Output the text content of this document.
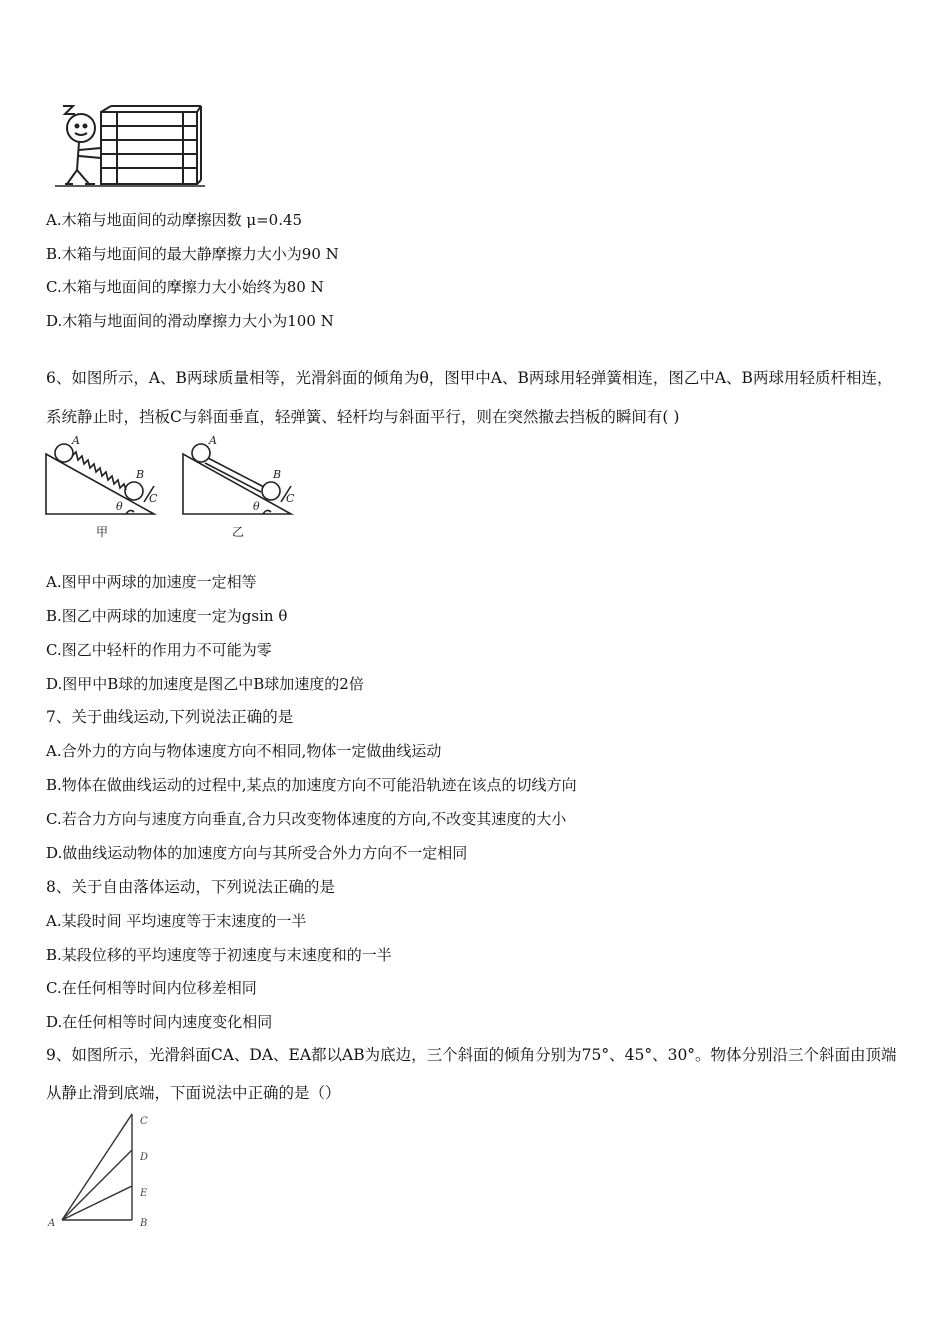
A.木箱与地面间的动摩擦因数 μ=0.45
B.木箱与地面间的最大静摩擦力大小为90 N
C.木箱与地面间的摩擦力大小始终为80 N
D.木箱与地面间的滑动摩擦力大小为100 N
6、如图所示，A、B两球质量相等，光滑斜面的倾角为θ，图甲中A、B两球用轻弹簧相连，图乙中A、B两球用轻质杆相连，
系统静止时，挡板C与斜面垂直，轻弹簧、轻杆均与斜面平行，则在突然撤去挡板的瞬间有( )
A
B
C
θ
A
B
C
θ
甲	乙
A.图甲中两球的加速度一定相等
B.图乙中两球的加速度一定为gsin θ
C.图乙中轻杆的作用力不可能为零
D.图甲中B球的加速度是图乙中B球加速度的2倍
7、关于曲线运动,下列说法正确的是
A.合外力的方向与物体速度方向不相同,物体一定做曲线运动
B.物体在做曲线运动的过程中,某点的加速度方向不可能沿轨迹在该点的切线方向
C.若合力方向与速度方向垂直,合力只改变物体速度的方向,不改变其速度的大小
D.做曲线运动物体的加速度方向与其所受合外力方向不一定相同
8、关于自由落体运动，下列说法正确的是
A.某段时间 平均速度等于末速度的一半
B.某段位移的平均速度等于初速度与末速度和的一半
C.在任何相等时间内位移差相同
D.在任何相等时间内速度变化相同
9、如图所示，光滑斜面CA、DA、EA都以AB为底边，三个斜面的倾角分别为75°、45°、30°。物体分别沿三个斜面由顶端
从静止滑到底端，下面说法中正确的是（）
A	B
C
D
E
